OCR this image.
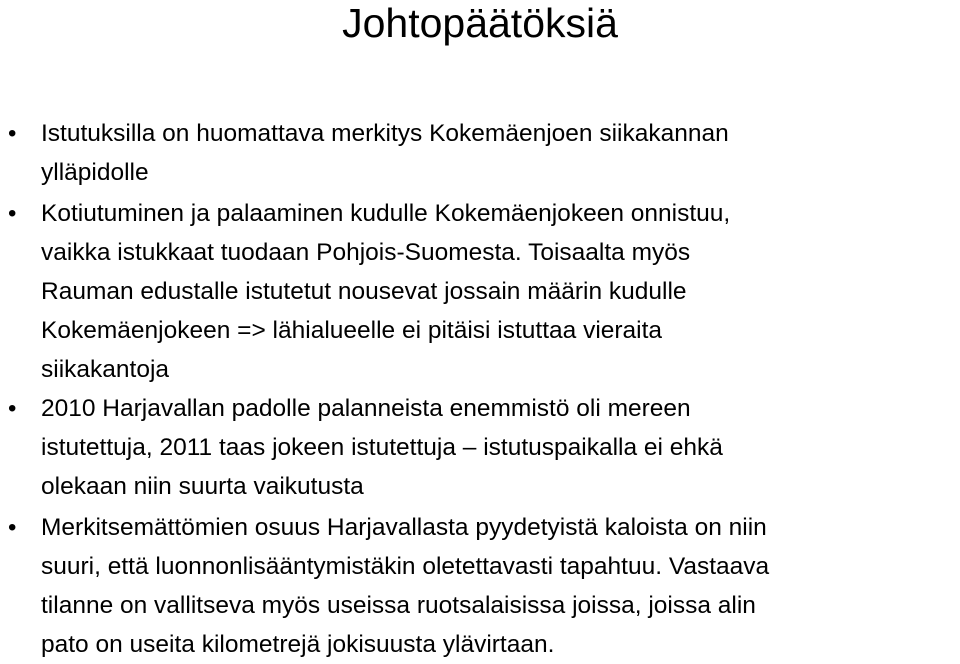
Johtopäätöksiä
• Istutuksilla on huomattava merkitys Kokemäenjoen siikakannan
ylläpidolle
• Kotiutuminen ja palaaminen kudulle Kokemäenjokeen onnistuu,
vaikka istukkaat tuodaan Pohjois-Suomesta. Toisaalta myös
Rauman edustalle istutetut nousevat jossain määrin kudulle
Kokemäenjokeen => lähialueelle ei pitäisi istuttaa vieraita
siikakantoja
• 2010 Harjavallan padolle palanneista enemmistö oli mereen
istutettuja, 2011 taas jokeen istutettuja – istutuspaikalla ei ehkä
olekaan niin suurta vaikutusta
• Merkitsemättömien osuus Harjavallasta pyydetyistä kaloista on niin
suuri, että luonnonlisääntymistäkin oletettavasti tapahtuu. Vastaava
tilanne on vallitseva myös useissa ruotsalaisissa joissa, joissa alin
pato on useita kilometrejä jokisuusta ylävirtaan.
